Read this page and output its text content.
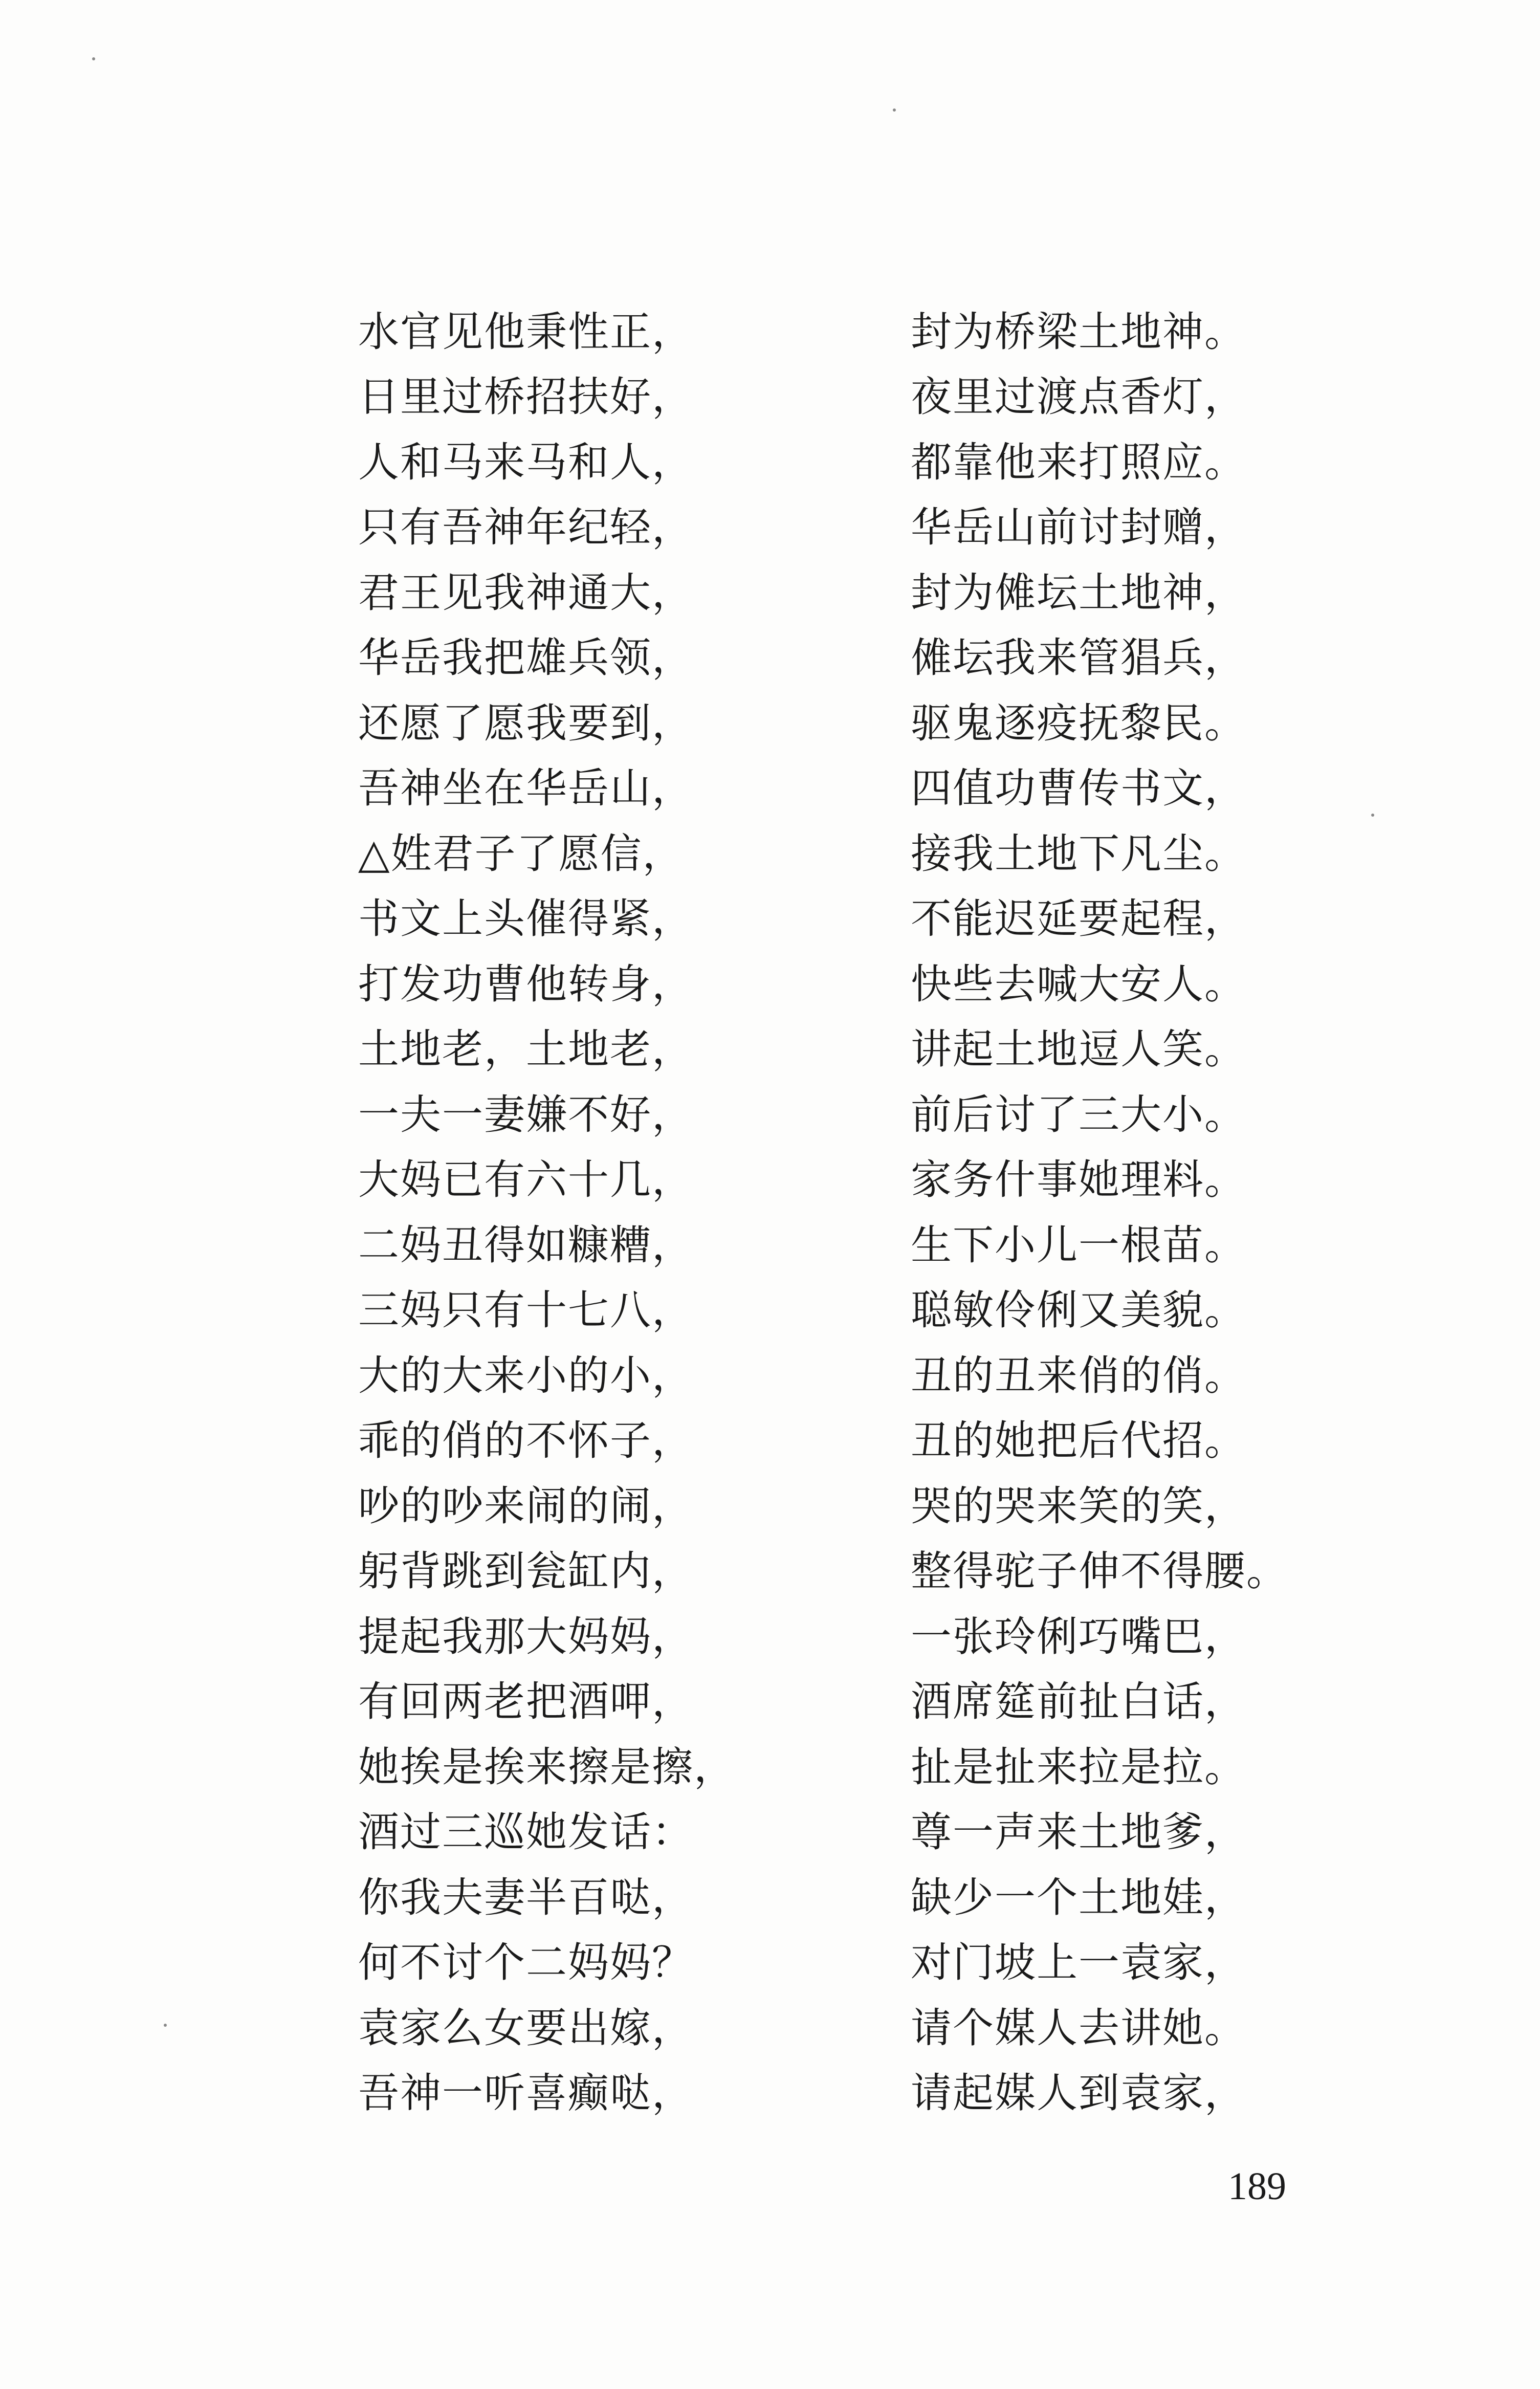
水官见他秉性正，	封为桥梁土地神。
日里过桥招扶好，	夜里过渡点香灯，
人和马来马和人，	都靠他来打照应。
只有吾神年纪轻，	华岳山前讨封赠，
君王见我神通大，	封为傩坛土地神，
华岳我把雄兵领，	傩坛我来管猖兵，
还愿了愿我要到，	驱鬼逐疫抚黎民。
吾神坐在华岳山，	四值功曹传书文，
△姓君子了愿信，	接我土地下凡尘。
书文上头催得紧，	不能迟延要起程，
打发功曹他转身，	快些去喊大安人。
土地老，土地老，	讲起土地逗人笑。
一夫一妻嫌不好，	前后讨了三大小。
大妈已有六十几，	家务什事她理料。
二妈丑得如糠糟，	生下小儿一根苗。
三妈只有十七八，	聪敏伶俐又美貌。
大的大来小的小，	丑的丑来俏的俏。
乖的俏的不怀子，	丑的她把后代招。
吵的吵来闹的闹，	哭的哭来笑的笑，
躬背跳到瓮缸内，	整得驼子伸不得腰。
提起我那大妈妈，	一张玲俐巧嘴巴，
有回两老把酒呷，	酒席筵前扯白话，
她挨是挨来擦是擦，	扯是扯来拉是拉。
酒过三巡她发话：	尊一声来土地爹，
你我夫妻半百哒，	缺少一个土地娃，
何不讨个二妈妈？	对门坡上一袁家，
袁家么女要出嫁，	请个媒人去讲她。
吾神一听喜癫哒，	请起媒人到袁家，
189
